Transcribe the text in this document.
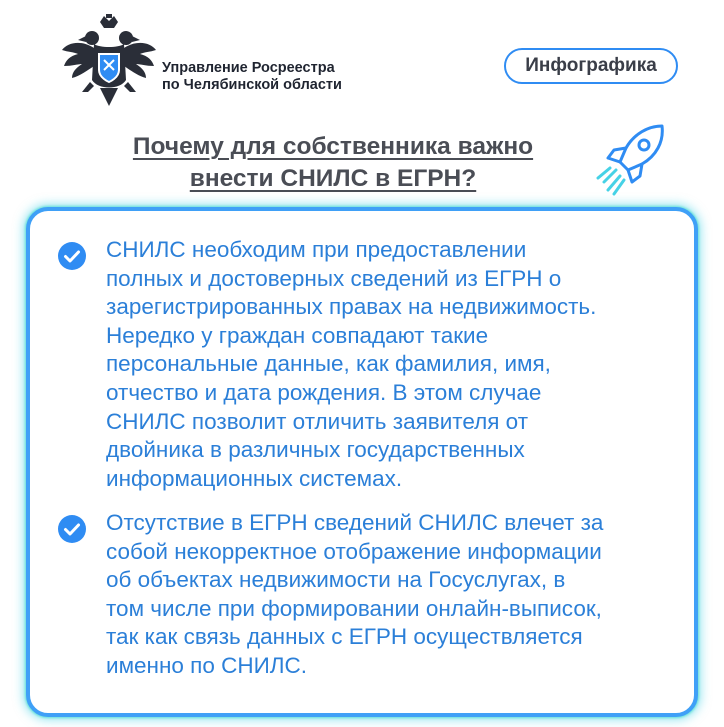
Управление Росреестра
по Челябинской области
Инфографика
Почему для собственника важно
внести СНИЛС в ЕГРН?
СНИЛС необходим при предоставлении
полных и достоверных сведений из ЕГРН о
зарегистрированных правах на недвижимость.
Нередко у граждан совпадают такие
персональные данные, как фамилия, имя,
отчество и дата рождения. В этом случае
СНИЛС позволит отличить заявителя от
двойника в различных государственных
информационных системах.
Отсутствие в ЕГРН сведений СНИЛС влечет за
собой некорректное отображение информации
об объектах недвижимости на Госуслугах, в
том числе при формировании онлайн-выписок,
так как связь данных с ЕГРН осуществляется
именно по СНИЛС.
